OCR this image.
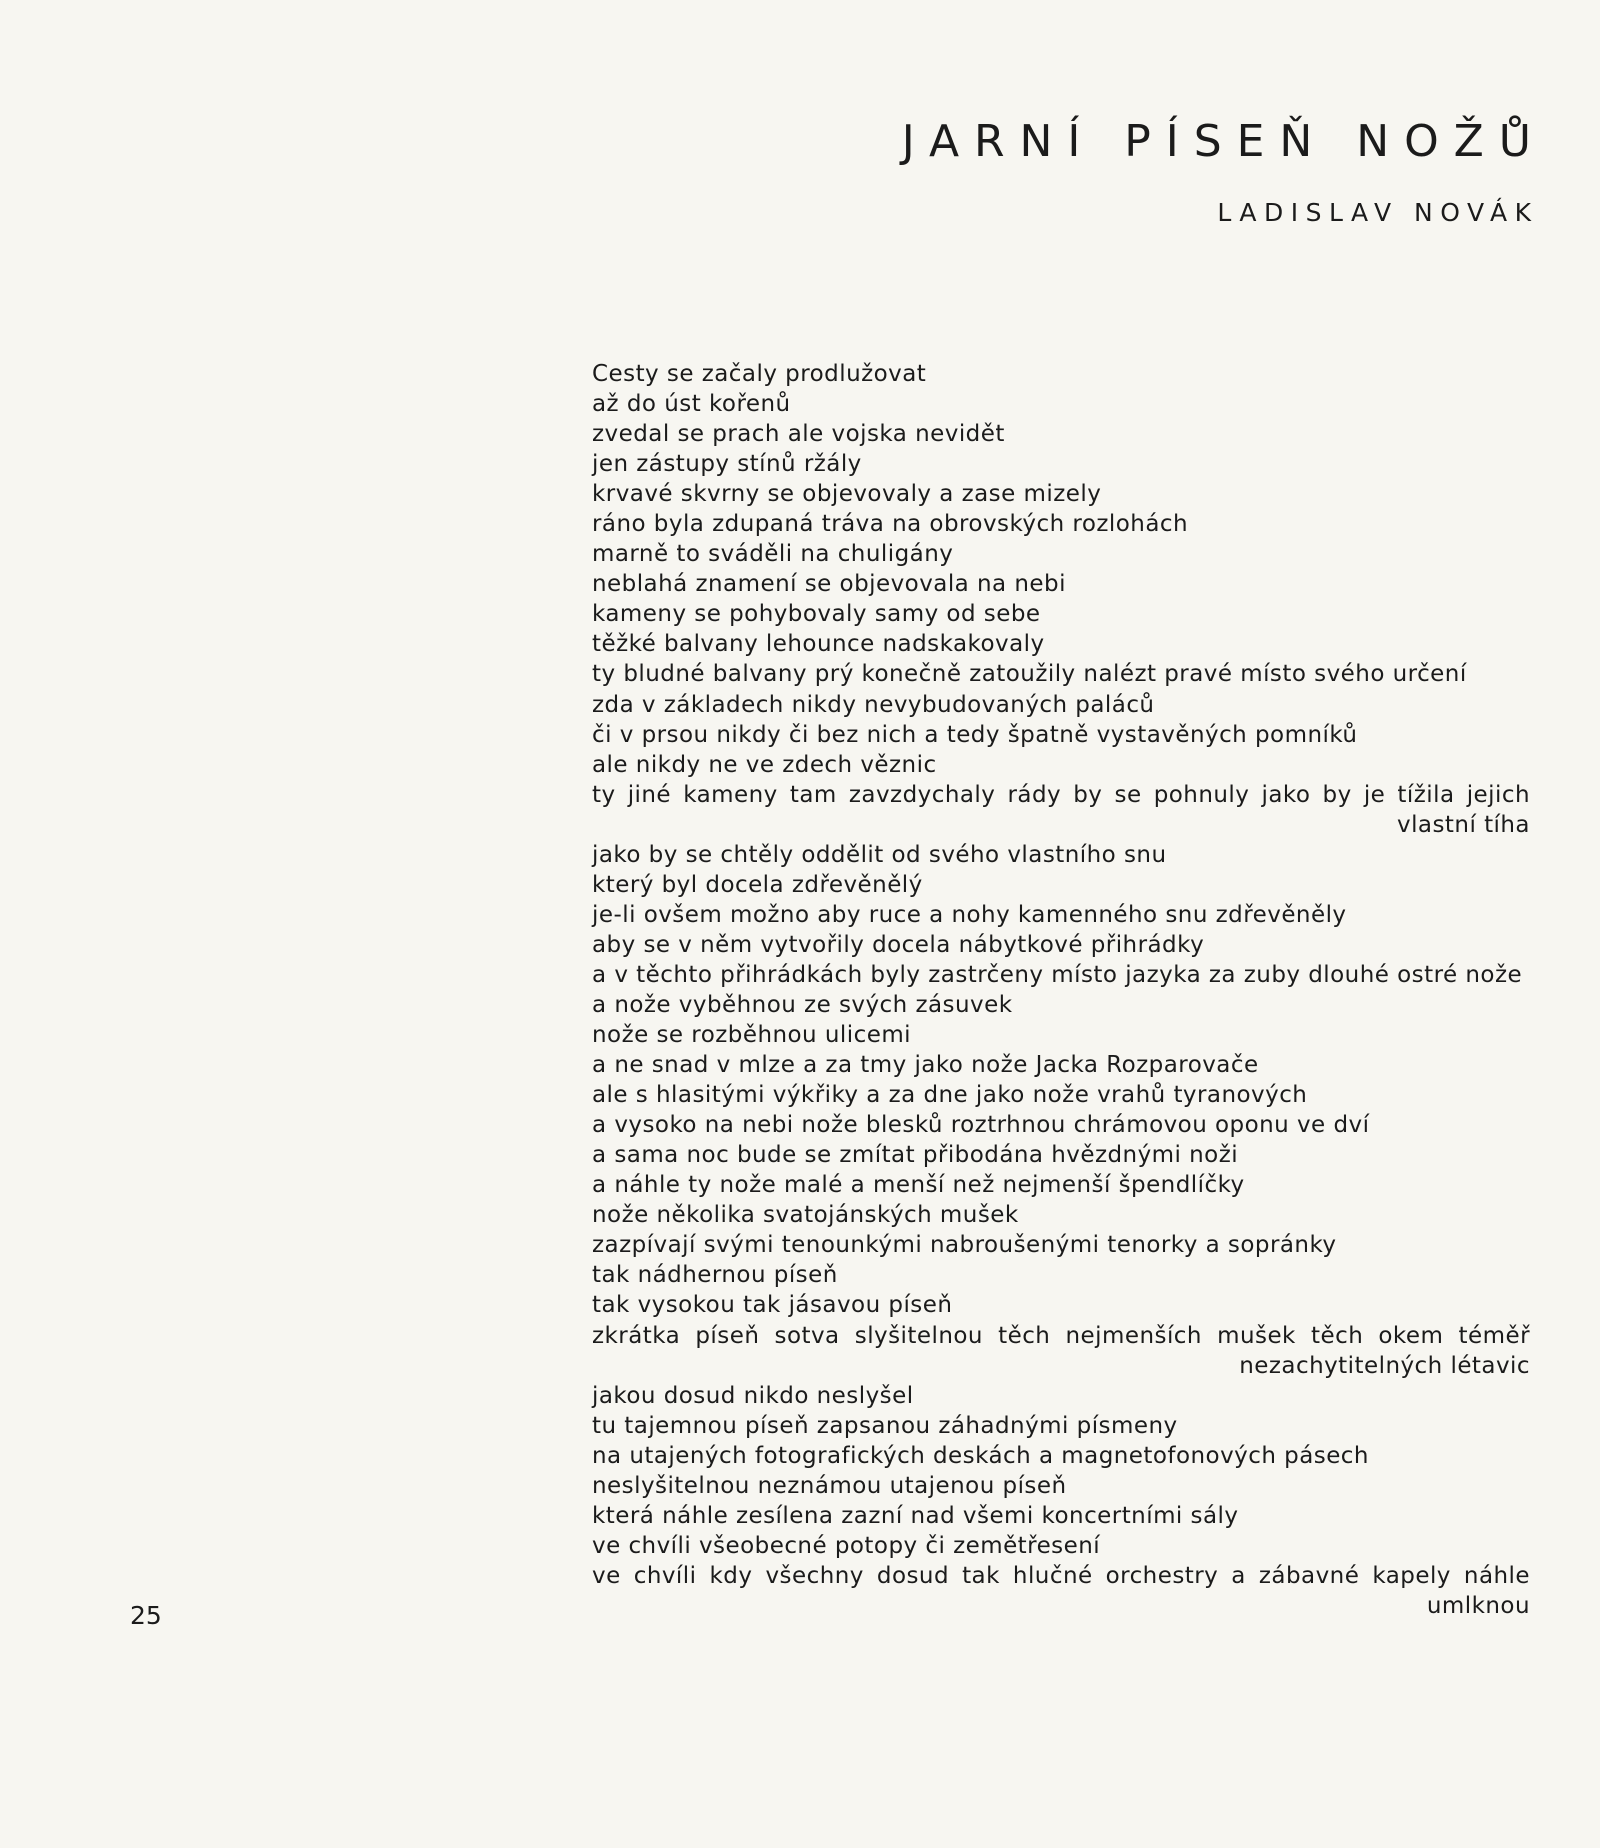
JARNÍ PÍSEŇ NOŽŮ
LADISLAV NOVÁK
Cesty se začaly prodlužovat
až do úst kořenů
zvedal se prach ale vojska nevidět
jen zástupy stínů ržály
krvavé skvrny se objevovaly a zase mizely
ráno byla zdupaná tráva na obrovských rozlohách
marně to sváděli na chuligány
neblahá znamení se objevovala na nebi
kameny se pohybovaly samy od sebe
těžké balvany lehounce nadskakovaly
ty bludné balvany prý konečně zatoužily nalézt pravé místo svého určení
zda v základech nikdy nevybudovaných paláců
či v prsou nikdy či bez nich a tedy špatně vystavěných pomníků
ale nikdy ne ve zdech věznic
ty jiné kameny tam zavzdychaly rády by se pohnuly jako by je tížila jejich
vlastní tíha
jako by se chtěly oddělit od svého vlastního snu
který byl docela zdřevěnělý
je-li ovšem možno aby ruce a nohy kamenného snu zdřevěněly
aby se v něm vytvořily docela nábytkové přihrádky
a v těchto přihrádkách byly zastrčeny místo jazyka za zuby dlouhé ostré nože
a nože vyběhnou ze svých zásuvek
nože se rozběhnou ulicemi
a ne snad v mlze a za tmy jako nože Jacka Rozparovače
ale s hlasitými výkřiky a za dne jako nože vrahů tyranových
a vysoko na nebi nože blesků roztrhnou chrámovou oponu ve dví
a sama noc bude se zmítat přibodána hvězdnými noži
a náhle ty nože malé a menší než nejmenší špendlíčky
nože několika svatojánských mušek
zazpívají svými tenounkými nabroušenými tenorky a sopránky
tak nádhernou píseň
tak vysokou tak jásavou píseň
zkrátka píseň sotva slyšitelnou těch nejmenších mušek těch okem téměř
nezachytitelných létavic
jakou dosud nikdo neslyšel
tu tajemnou píseň zapsanou záhadnými písmeny
na utajených fotografických deskách a magnetofonových pásech
neslyšitelnou neznámou utajenou píseň
která náhle zesílena zazní nad všemi koncertními sály
ve chvíli všeobecné potopy či zemětřesení
ve chvíli kdy všechny dosud tak hlučné orchestry a zábavné kapely náhle
umlknou
25
